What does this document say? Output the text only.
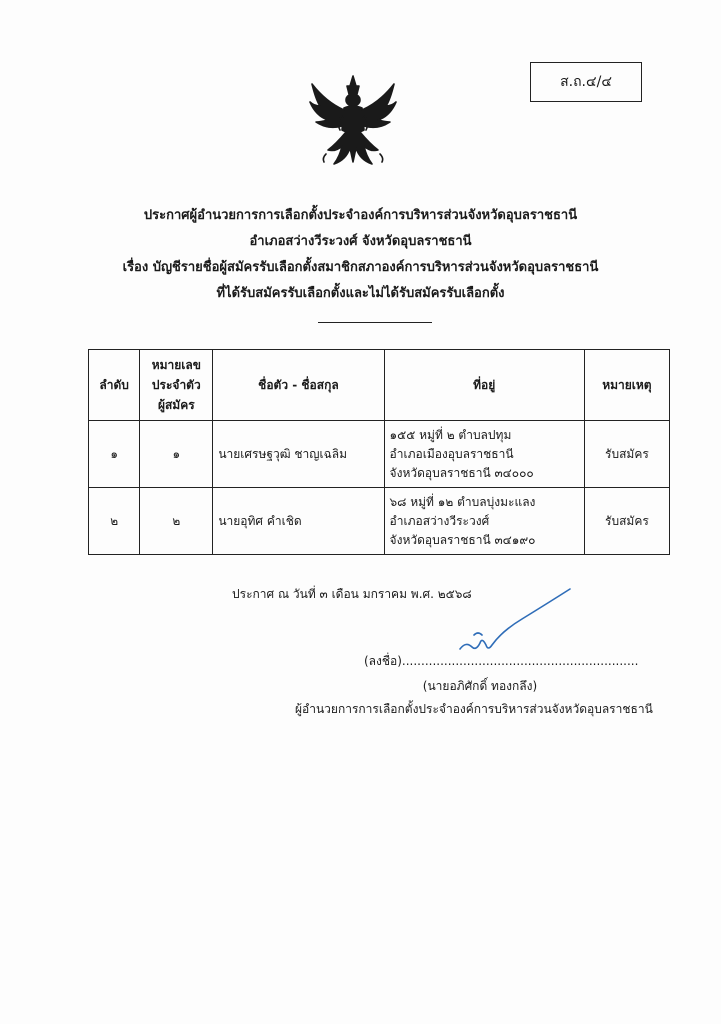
ส.ถ.๔/๔
ประกาศผู้อำนวยการการเลือกตั้งประจำองค์การบริหารส่วนจังหวัดอุบลราชธานี
อำเภอสว่างวีระวงศ์ จังหวัดอุบลราชธานี
เรื่อง บัญชีรายชื่อผู้สมัครรับเลือกตั้งสมาชิกสภาองค์การบริหารส่วนจังหวัดอุบลราชธานี
ที่ได้รับสมัครรับเลือกตั้งและไม่ได้รับสมัครรับเลือกตั้ง
ลำดับ	หมายเลข
ประจำตัว
ผู้สมัคร	ชื่อตัว - ชื่อสกุล	ที่อยู่	หมายเหตุ
๑	๑	นายเศรษฐวุฒิ ชาญเฉลิม	๑๕๕ หมู่ที่ ๒ ตำบลปทุม
อำเภอเมืองอุบลราชธานี
จังหวัดอุบลราชธานี ๓๔๐๐๐	รับสมัคร
๒	๒	นายอุทิศ คำเชิด	๖๘ หมู่ที่ ๑๒ ตำบลบุ่งมะแลง
อำเภอสว่างวีระวงศ์
จังหวัดอุบลราชธานี ๓๔๑๙๐	รับสมัคร
ประกาศ ณ วันที่ ๓ เดือน มกราคม พ.ศ. ๒๕๖๘
(ลงชื่อ)..............................................................
(นายอภิศักดิ์ ทองกลึง)
ผู้อำนวยการการเลือกตั้งประจำองค์การบริหารส่วนจังหวัดอุบลราชธานี
